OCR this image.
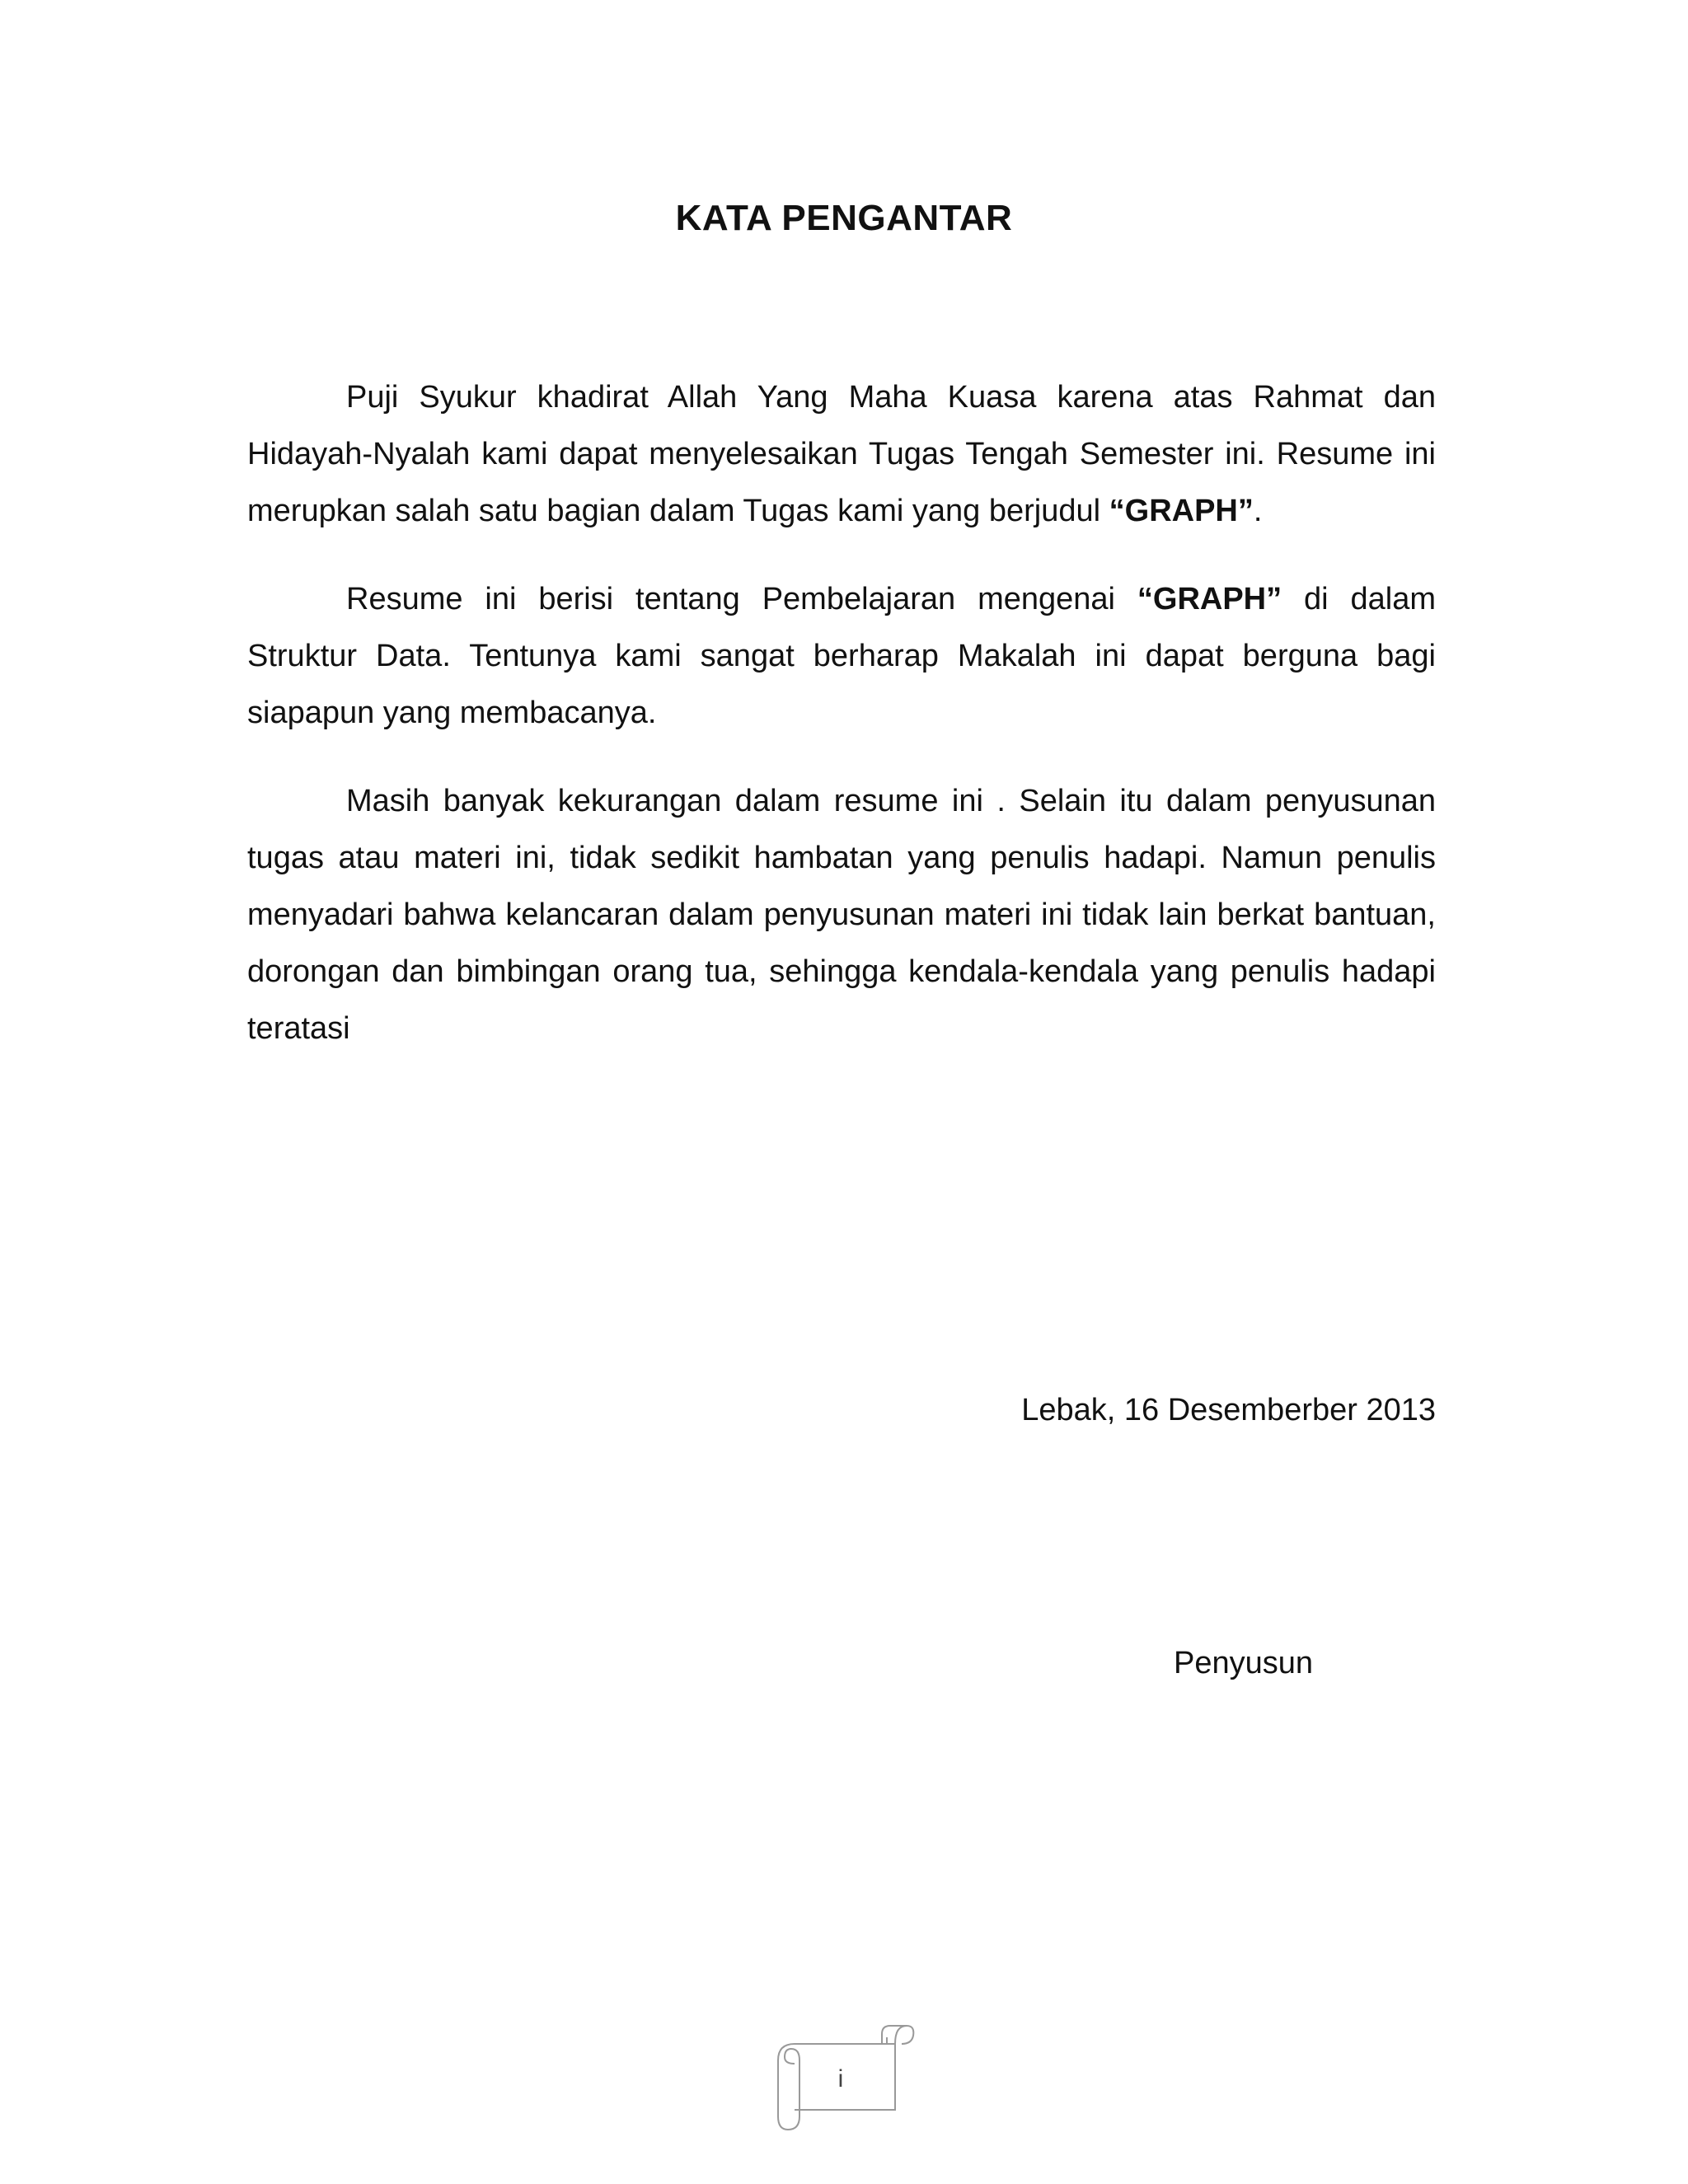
KATA PENGANTAR

Puji Syukur khadirat Allah Yang Maha Kuasa karena atas Rahmat dan Hidayah-Nyalah kami dapat menyelesaikan Tugas Tengah Semester ini. Resume ini merupkan salah satu bagian dalam Tugas kami yang berjudul “GRAPH”.

Resume ini berisi tentang Pembelajaran mengenai “GRAPH” di dalam Struktur Data. Tentunya kami sangat berharap Makalah ini dapat berguna bagi siapapun yang membacanya.

Masih banyak kekurangan dalam resume ini . Selain itu dalam penyusunan tugas atau materi ini, tidak sedikit hambatan yang penulis hadapi. Namun penulis menyadari bahwa kelancaran dalam penyusunan materi ini tidak lain berkat bantuan, dorongan dan bimbingan orang tua, sehingga kendala-kendala yang penulis hadapi teratasi

Lebak, 16 Desemberber 2013
Penyusun
i
